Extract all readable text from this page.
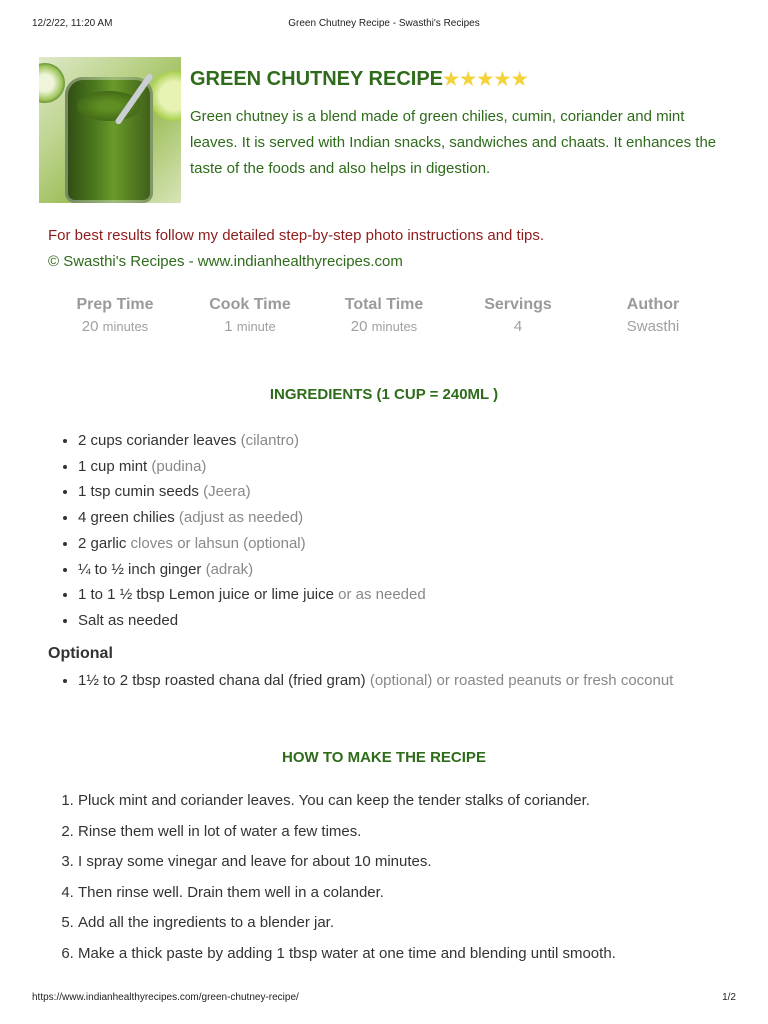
12/2/22, 11:20 AM	Green Chutney Recipe - Swasthi's Recipes
GREEN CHUTNEY RECIPE★★★★★
Green chutney is a blend made of green chilies, cumin, coriander and mint leaves. It is served with Indian snacks, sandwiches and chaats. It enhances the taste of the foods and also helps in digestion.
For best results follow my detailed step-by-step photo instructions and tips.
© Swasthi's Recipes - www.indianhealthyrecipes.com
Prep Time
20 minutes
Cook Time
1 minute
Total Time
20 minutes
Servings
4
Author
Swasthi
INGREDIENTS (1 CUP = 240ML )
• 2 cups coriander leaves (cilantro)
• 1 cup mint (pudina)
• 1 tsp cumin seeds (Jeera)
• 4 green chilies (adjust as needed)
• 2 garlic cloves or lahsun (optional)
• ¼ to ½ inch ginger (adrak)
• 1 to 1 ½ tbsp Lemon juice or lime juice or as needed
• Salt as needed
Optional
• 1½ to 2 tbsp roasted chana dal (fried gram) (optional) or roasted peanuts or fresh coconut
HOW TO MAKE THE RECIPE
1. Pluck mint and coriander leaves. You can keep the tender stalks of coriander.
2. Rinse them well in lot of water a few times.
3. I spray some vinegar and leave for about 10 minutes.
4. Then rinse well. Drain them well in a colander.
5. Add all the ingredients to a blender jar.
6. Make a thick paste by adding 1 tbsp water at one time and blending until smooth.
https://www.indianhealthyrecipes.com/green-chutney-recipe/	1/2
